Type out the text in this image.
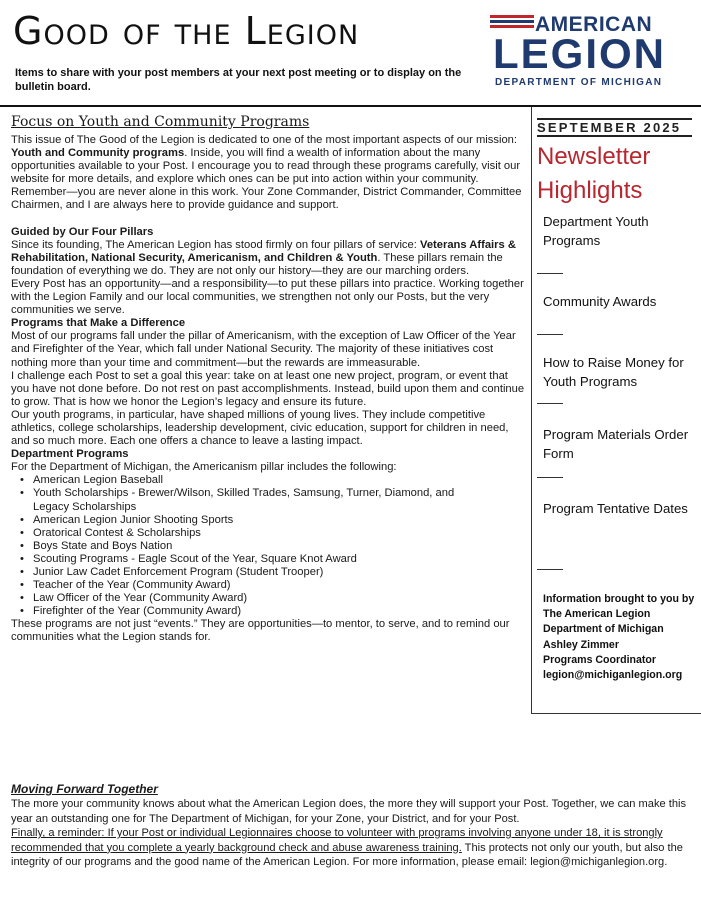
Good of the Legion
Items to share with your post members at your next post meeting or to display on the bulletin board.
AMERICAN
LEGION
DEPARTMENT OF MICHIGAN
Focus on Youth and Community Programs

This issue of The Good of the Legion is dedicated to one of the most important aspects of our mission: Youth and Community programs. Inside, you will find a wealth of information about the many opportunities available to your Post. I encourage you to read through these programs carefully, visit our website for more details, and explore which ones can be put into action within your community. Remember—you are never alone in this work. Your Zone Commander, District Commander, Committee Chairmen, and I are always here to provide guidance and support.

Guided by Our Four Pillars

Since its founding, The American Legion has stood firmly on four pillars of service: Veterans Affairs & Rehabilitation, National Security, Americanism, and Children & Youth. These pillars remain the foundation of everything we do. They are not only our history—they are our marching orders.

Every Post has an opportunity—and a responsibility—to put these pillars into practice. Working together with the Legion Family and our local communities, we strengthen not only our Posts, but the very communities we serve.

Programs that Make a Difference

Most of our programs fall under the pillar of Americanism, with the exception of Law Officer of the Year and Firefighter of the Year, which fall under National Security. The majority of these initiatives cost nothing more than your time and commitment—but the rewards are immeasurable.

I challenge each Post to set a goal this year: take on at least one new project, program, or event that you have not done before. Do not rest on past accomplishments. Instead, build upon them and continue to grow. That is how we honor the Legion’s legacy and ensure its future.

Our youth programs, in particular, have shaped millions of young lives. They include competitive athletics, college scholarships, leadership development, civic education, support for children in need, and so much more. Each one offers a chance to leave a lasting impact.

Department Programs

For the Department of Michigan, the Americanism pillar includes the following:

• American Legion Baseball
• Youth Scholarships - Brewer/Wilson, Skilled Trades, Samsung, Turner, Diamond, and Legacy Scholarships
• American Legion Junior Shooting Sports
• Oratorical Contest & Scholarships
• Boys State and Boys Nation
• Scouting Programs - Eagle Scout of the Year, Square Knot Award
• Junior Law Cadet Enforcement Program (Student Trooper)
• Teacher of the Year (Community Award)
• Law Officer of the Year (Community Award)
• Firefighter of the Year (Community Award)

These programs are not just “events.” They are opportunities—to mentor, to serve, and to remind our communities what the Legion stands for.

SEPTEMBER 2025
Newsletter
Highlights
Department Youth Programs
Community Awards
How to Raise Money for Youth Programs
Program Materials Order Form
Program Tentative Dates
Information brought to you by The American Legion
Department of Michigan
Ashley Zimmer
Programs Coordinator
legion@michiganlegion.org
Moving Forward Together

The more your community knows about what the American Legion does, the more they will support your Post. Together, we can make this year an outstanding one for The Department of Michigan, for your Zone, your District, and for your Post.

Finally, a reminder: If your Post or individual Legionnaires choose to volunteer with programs involving anyone under 18, it is strongly recommended that you complete a yearly background check and abuse awareness training. This protects not only our youth, but also the integrity of our programs and the good name of the American Legion. For more information, please email: legion@michiganlegion.org.
